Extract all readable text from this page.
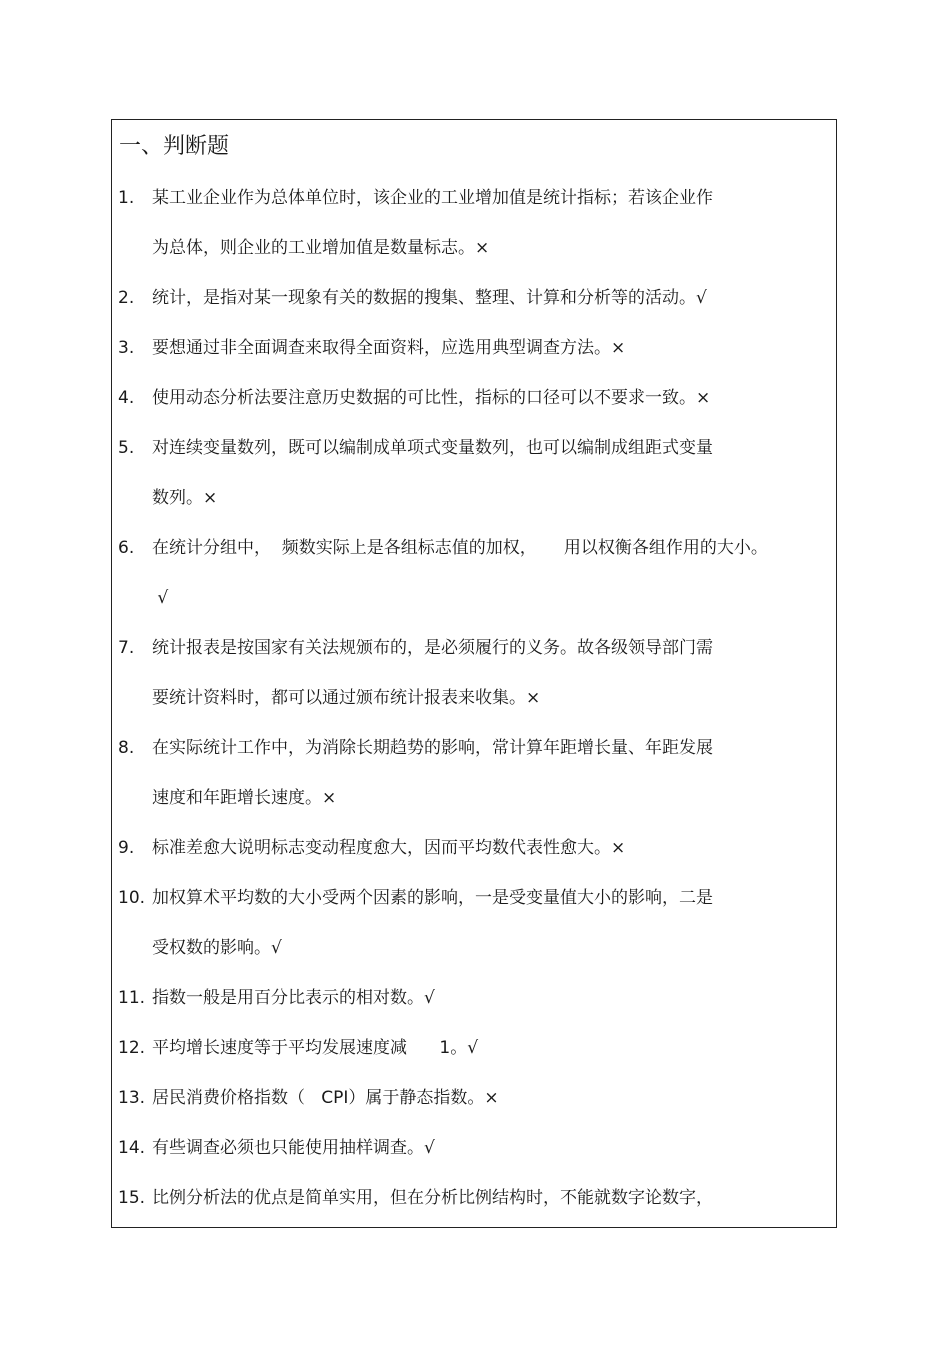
一、判断题
1. 某工业企业作为总体单位时，该企业的工业增加值是统计指标；若该企业作
为总体，则企业的工业增加值是数量标志。×
2. 统计，是指对某一现象有关的数据的搜集、整理、计算和分析等的活动。√
3. 要想通过非全面调查来取得全面资料，应选用典型调查方法。×
4. 使用动态分析法要注意历史数据的可比性，指标的口径可以不要求一致。×
5. 对连续变量数列，既可以编制成单项式变量数列，也可以编制成组距式变量
数列。×
6. 在统计分组中，  频数实际上是各组标志值的加权，     用以权衡各组作用的大小。
√
7. 统计报表是按国家有关法规颁布的，是必须履行的义务。故各级领导部门需
要统计资料时，都可以通过颁布统计报表来收集。×
8. 在实际统计工作中，为消除长期趋势的影响，常计算年距增长量、年距发展
速度和年距增长速度。×
9. 标准差愈大说明标志变动程度愈大，因而平均数代表性愈大。×
10. 加权算术平均数的大小受两个因素的影响，一是受变量值大小的影响，二是
受权数的影响。√
11. 指数一般是用百分比表示的相对数。√
12. 平均增长速度等于平均发展速度减      1。√
13. 居民消费价格指数（   CPI）属于静态指数。×
14. 有些调查必须也只能使用抽样调查。√
15. 比例分析法的优点是简单实用，但在分析比例结构时，不能就数字论数字，
